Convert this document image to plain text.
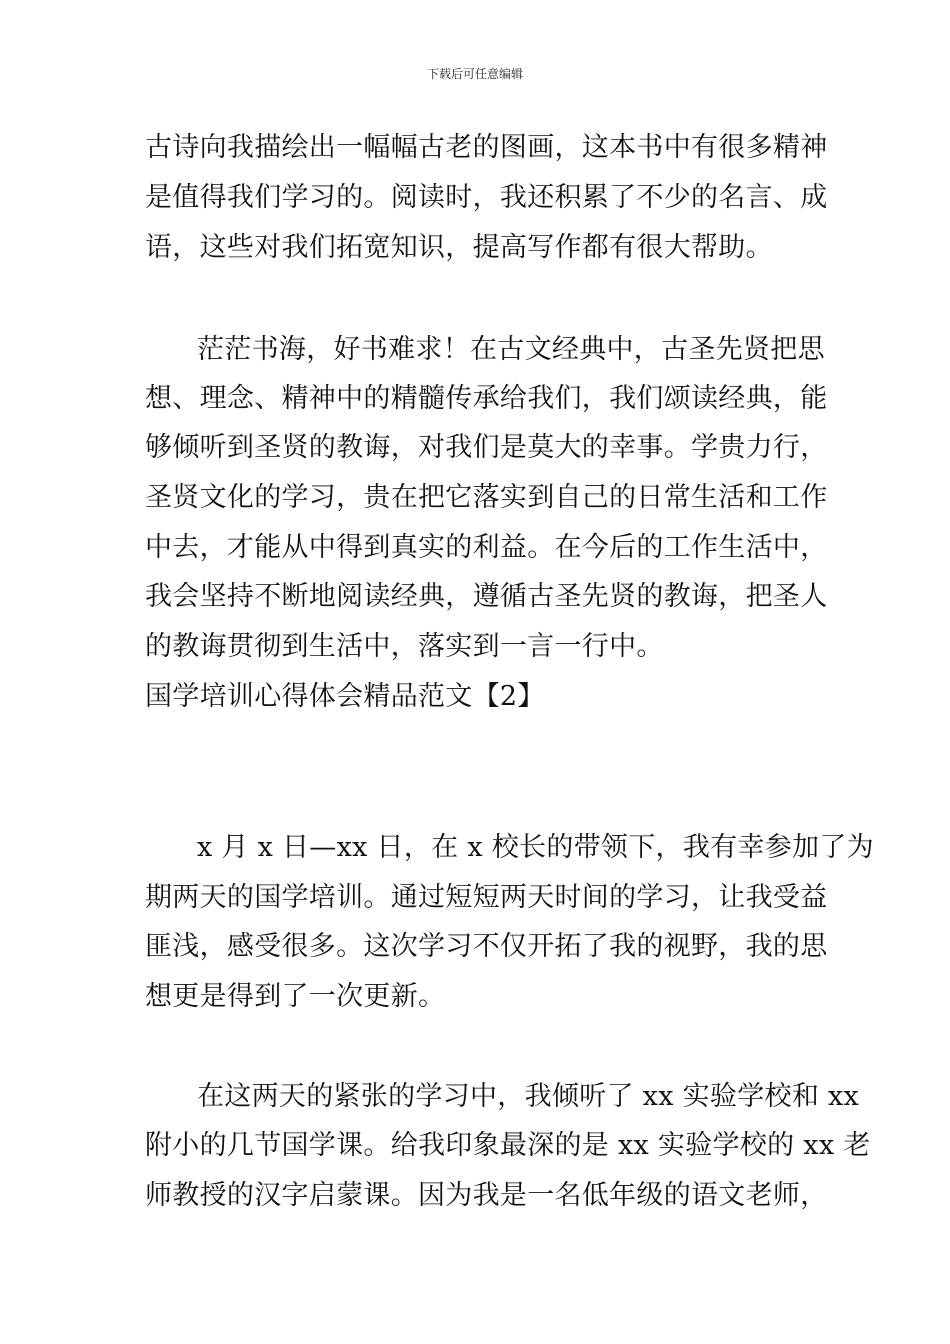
下载后可任意编辑
古诗向我描绘出一幅幅古老的图画，这本书中有很多精神
是值得我们学习的。阅读时，我还积累了不少的名言、成
语，这些对我们拓宽知识，提高写作都有很大帮助。
茫茫书海，好书难求！在古文经典中，古圣先贤把思
想、理念、精神中的精髓传承给我们，我们颂读经典，能
够倾听到圣贤的教诲，对我们是莫大的幸事。学贵力行，
圣贤文化的学习，贵在把它落实到自己的日常生活和工作
中去，才能从中得到真实的利益。在今后的工作生活中，
我会坚持不断地阅读经典，遵循古圣先贤的教诲，把圣人
的教诲贯彻到生活中，落实到一言一行中。
国学培训心得体会精品范文【2】
x 月 x 日—xx 日，在 x 校长的带领下，我有幸参加了为
期两天的国学培训。通过短短两天时间的学习，让我受益
匪浅，感受很多。这次学习不仅开拓了我的视野，我的思
想更是得到了一次更新。
在这两天的紧张的学习中，我倾听了 xx 实验学校和 xx
附小的几节国学课。给我印象最深的是 xx 实验学校的 xx 老
师教授的汉字启蒙课。因为我是一名低年级的语文老师，
